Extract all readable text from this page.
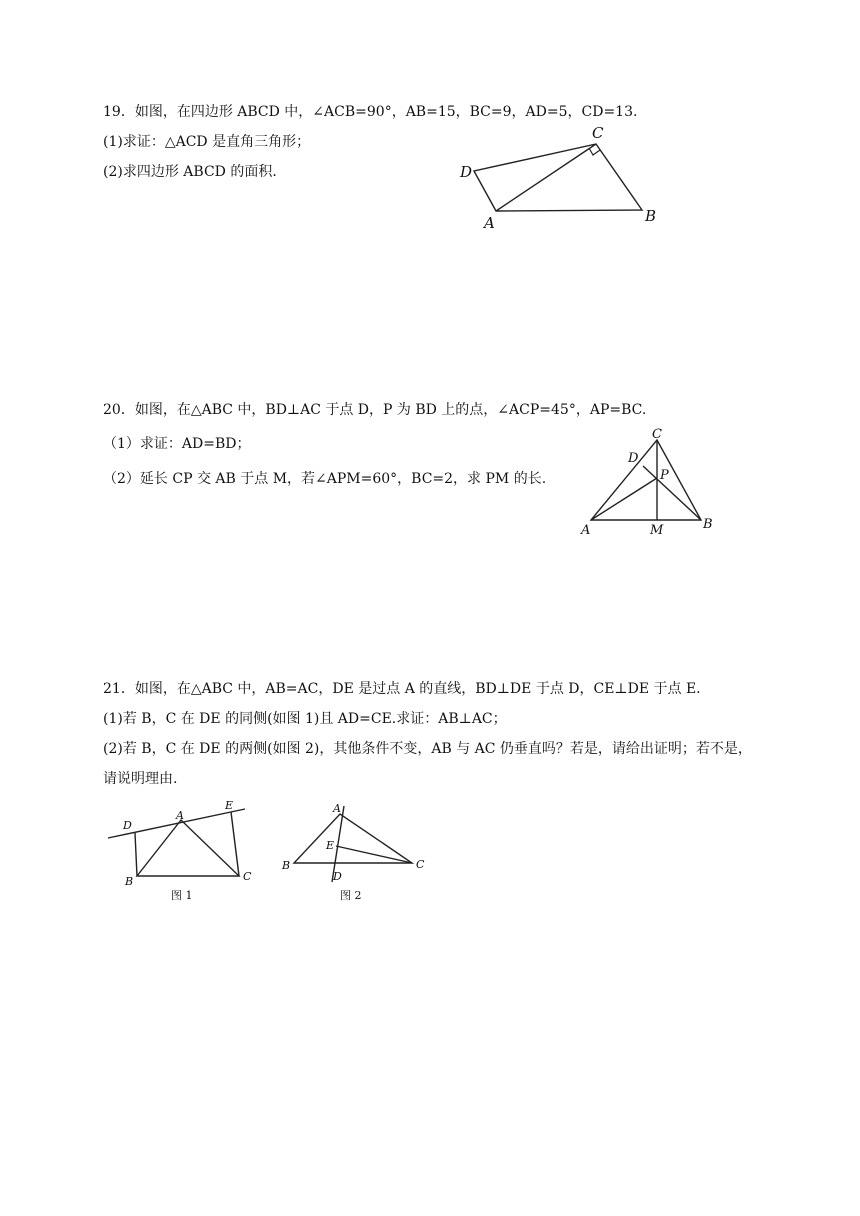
19．如图，在四边形 ABCD 中，∠ACB=90°，AB=15，BC=9，AD=5，CD=13.
(1)求证：△ACD 是直角三角形；
(2)求四边形 ABCD 的面积．
C
D
A	B
20．如图，在△ABC 中，BD⊥AC 于点 D，P 为 BD 上的点，∠ACP=45°，AP=BC.
（1）求证：AD=BD；
（2）延长 CP 交 AB 于点 M，若∠APM=60°，BC=2，求 PM 的长.
C
D
P
A	M	B
21．如图，在△ABC 中，AB=AC，DE 是过点 A 的直线，BD⊥DE 于点 D，CE⊥DE 于点 E.
(1)若 B，C 在 DE 的同侧(如图 1)且 AD=CE.求证：AB⊥AC；
(2)若 B，C 在 DE 的两侧(如图 2)，其他条件不变，AB 与 AC 仍垂直吗？若是，请给出证明；若不是，
请说明理由.
D
A
E
B	C
图 1
A
E
B	C
D
图 2
